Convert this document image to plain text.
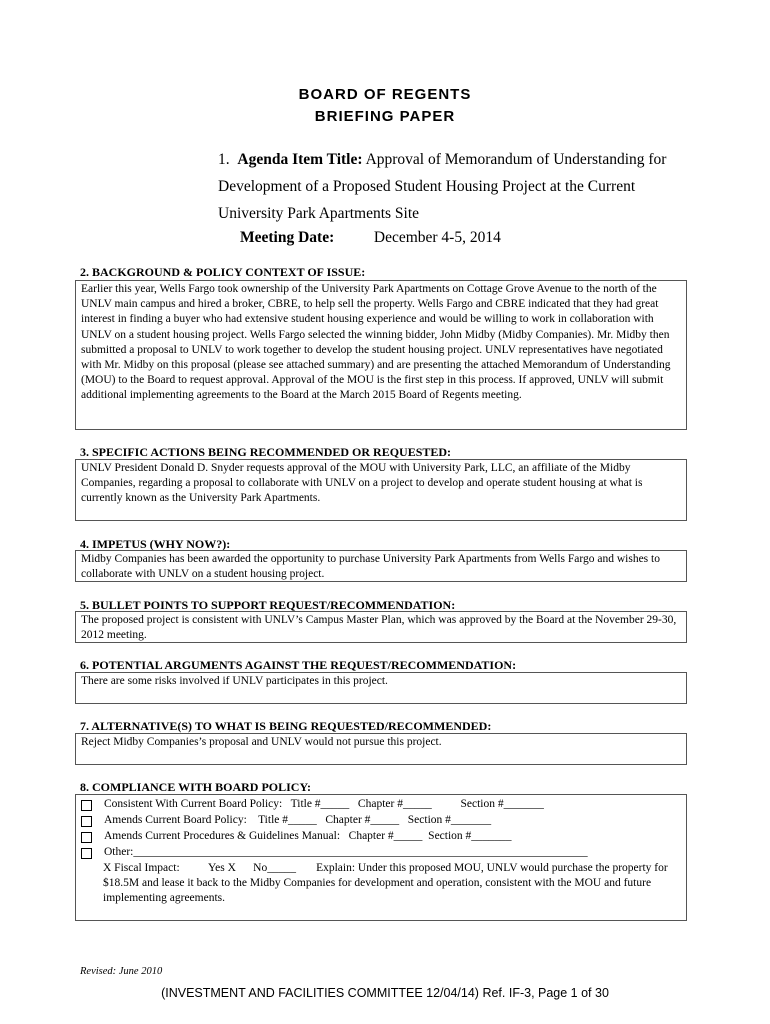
BOARD OF REGENTS
BRIEFING PAPER
1. Agenda Item Title: Approval of Memorandum of Understanding for Development of a Proposed Student Housing Project at the Current University Park Apartments Site
Meeting Date:	December 4-5, 2014
2. BACKGROUND & POLICY CONTEXT OF ISSUE:
Earlier this year, Wells Fargo took ownership of the University Park Apartments on Cottage Grove Avenue to the north of the UNLV main campus and hired a broker, CBRE, to help sell the property. Wells Fargo and CBRE indicated that they had great interest in finding a buyer who had extensive student housing experience and would be willing to work in collaboration with UNLV on a student housing project. Wells Fargo selected the winning bidder, John Midby (Midby Companies). Mr. Midby then submitted a proposal to UNLV to work together to develop the student housing project. UNLV representatives have negotiated with Mr. Midby on this proposal (please see attached summary) and are presenting the attached Memorandum of Understanding (MOU) to the Board to request approval. Approval of the MOU is the first step in this process. If approved, UNLV will submit additional implementing agreements to the Board at the March 2015 Board of Regents meeting.
3. SPECIFIC ACTIONS BEING RECOMMENDED OR REQUESTED:
UNLV President Donald D. Snyder requests approval of the MOU with University Park, LLC, an affiliate of the Midby Companies, regarding a proposal to collaborate with UNLV on a project to develop and operate student housing at what is currently known as the University Park Apartments.
4. IMPETUS (WHY NOW?):
Midby Companies has been awarded the opportunity to purchase University Park Apartments from Wells Fargo and wishes to collaborate with UNLV on a student housing project.
5. BULLET POINTS TO SUPPORT REQUEST/RECOMMENDATION:
The proposed project is consistent with UNLV’s Campus Master Plan, which was approved by the Board at the November 29-30, 2012 meeting.
6. POTENTIAL ARGUMENTS AGAINST THE REQUEST/RECOMMENDATION:
There are some risks involved if UNLV participates in this project.
7. ALTERNATIVE(S) TO WHAT IS BEING REQUESTED/RECOMMENDED:
Reject Midby Companies’s proposal and UNLV would not pursue this project.
8. COMPLIANCE WITH BOARD POLICY:
Consistent With Current Board Policy:   Title #_____   Chapter #_____          Section #_______
Amends Current Board Policy:    Title #_____   Chapter #_____   Section #_______
Amends Current Procedures & Guidelines Manual:   Chapter #_____  Section #_______
Other:_______________________________________________________________________________
X Fiscal Impact:          Yes X      No_____       Explain: Under this proposed MOU, UNLV would purchase the property for $18.5M and lease it back to the Midby Companies for development and operation, consistent with the MOU and future implementing agreements.
Revised: June 2010
(INVESTMENT AND FACILITIES COMMITTEE 12/04/14) Ref. IF-3, Page 1 of 30
